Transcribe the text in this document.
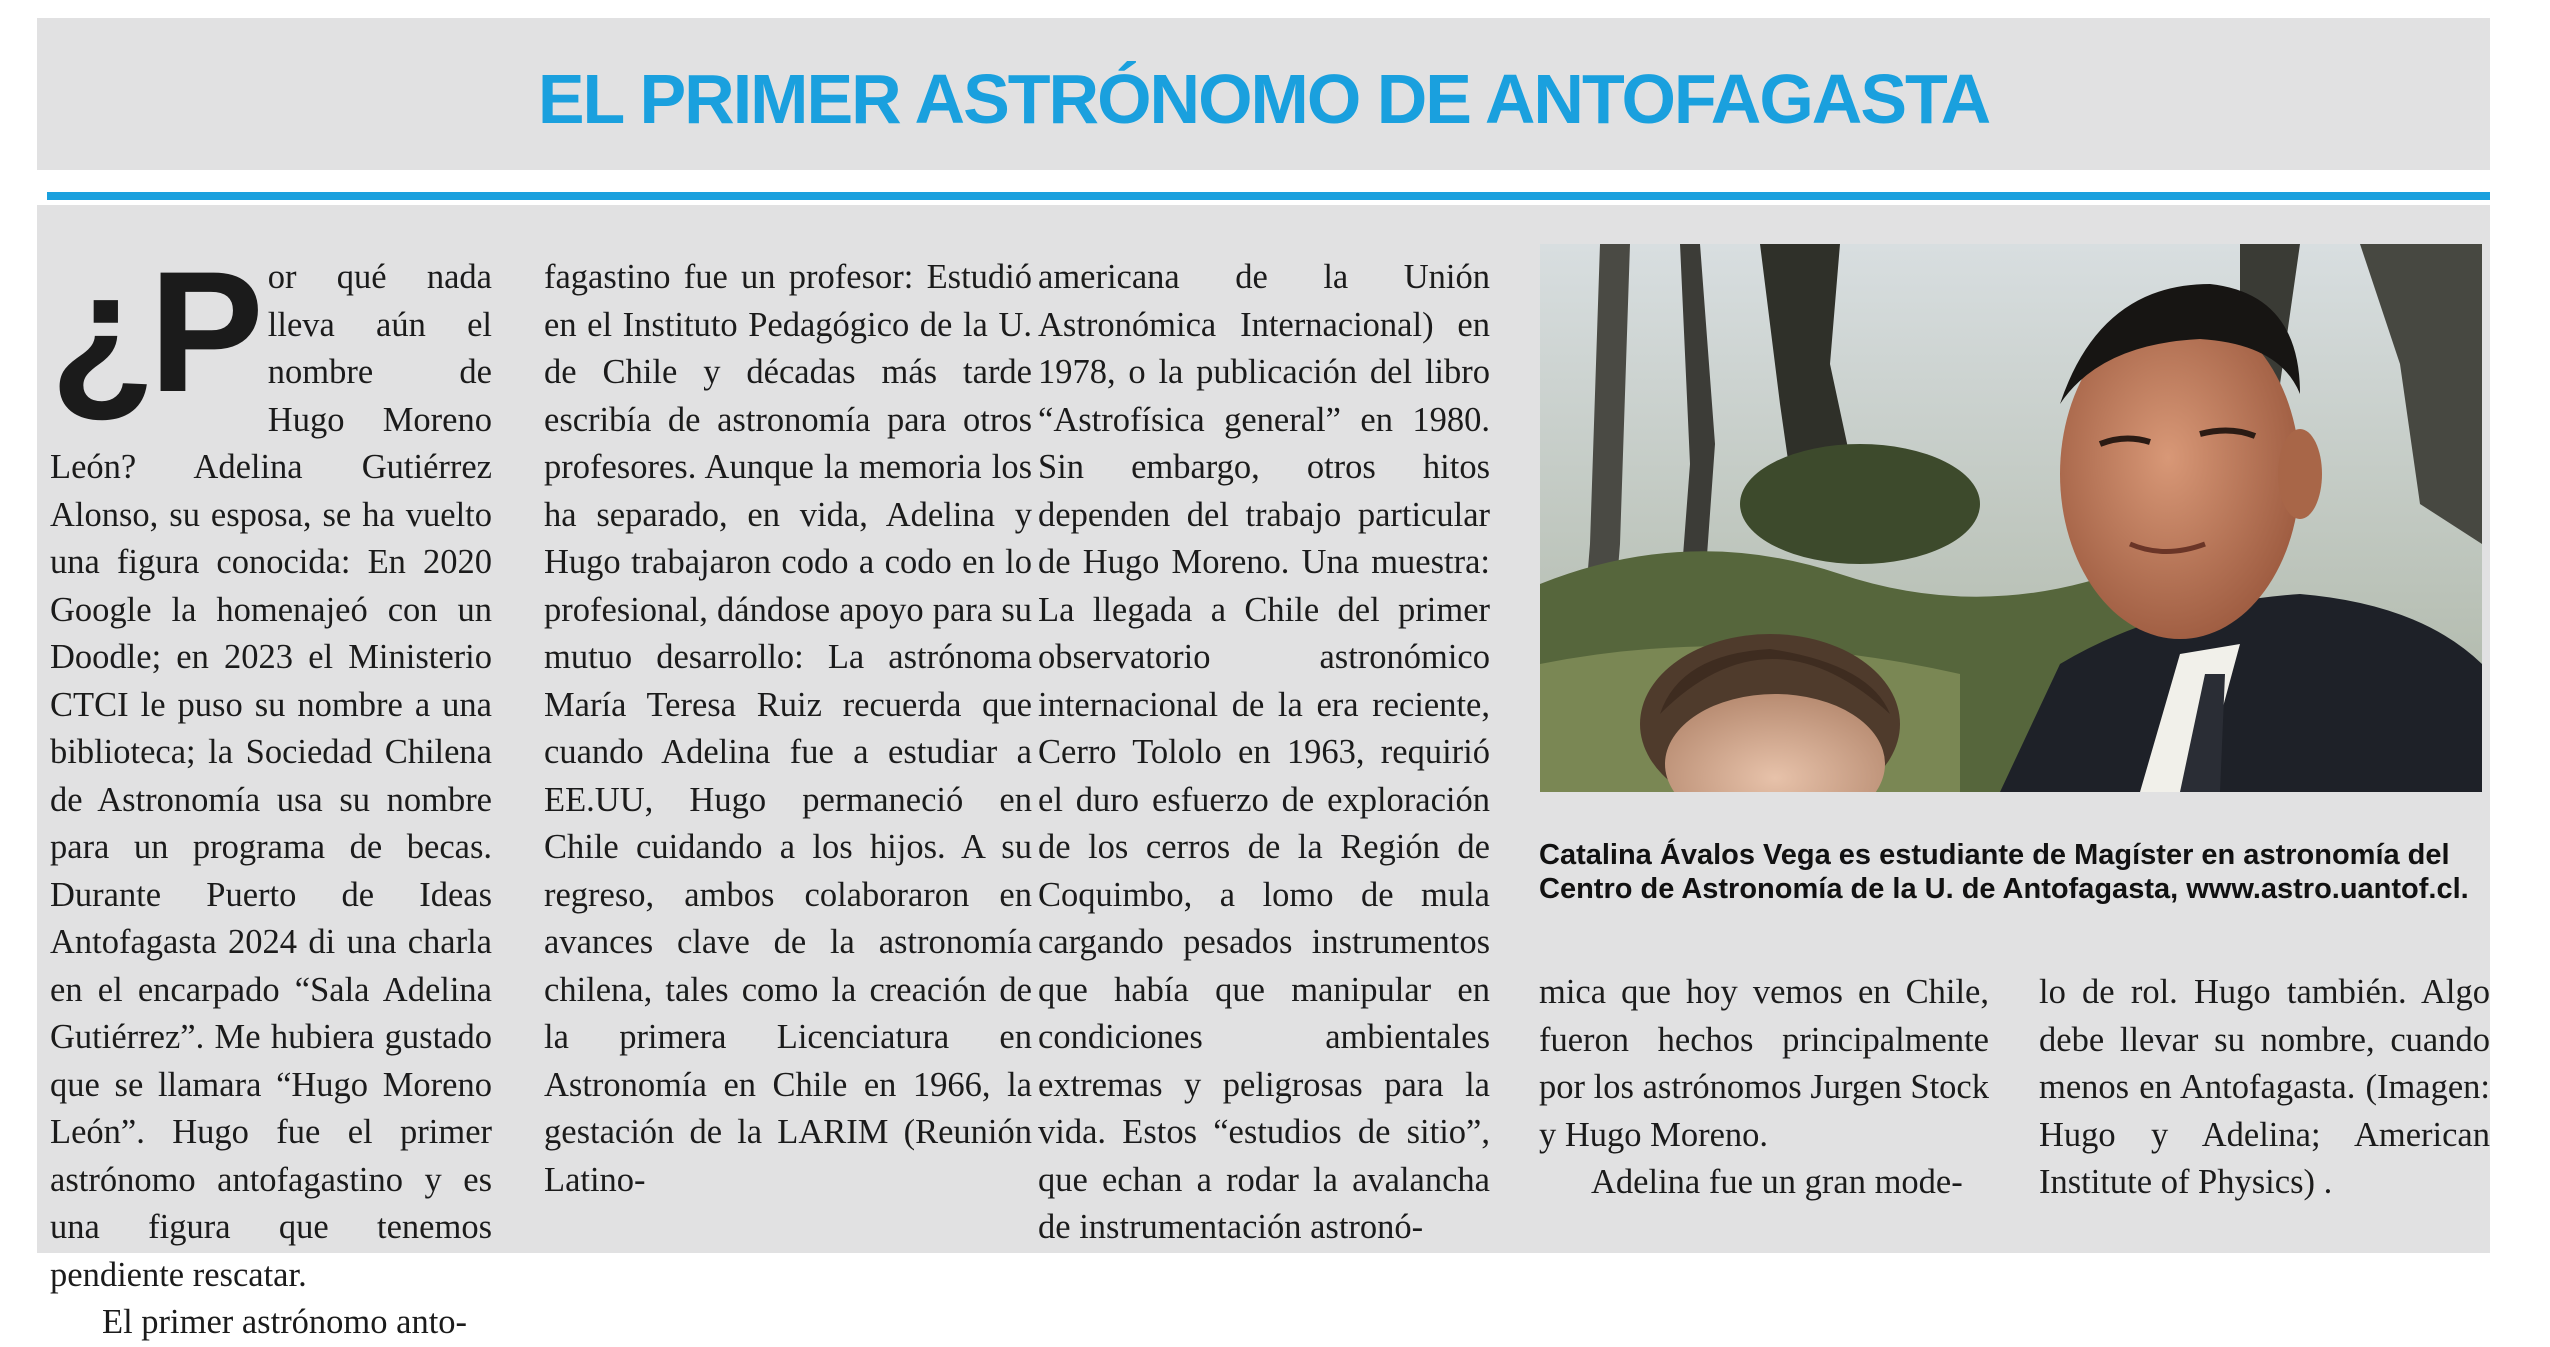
EL PRIMER ASTRÓNOMO DE ANTOFAGASTA

¿P or qué nada lleva aún el nombre de Hugo Moreno León? Adelina Gutiérrez Alonso, su esposa, se ha vuelto una figura conocida: En 2020 Google la homenajeó con un Doodle; en 2023 el Ministerio CTCI le puso su nombre a una biblioteca; la Sociedad Chilena de Astronomía usa su nombre para un programa de becas. Durante Puerto de Ideas Antofagasta 2024 di una charla en el encarpado “Sala Adelina Gutiérrez”. Me hubiera gustado que se llamara “Hugo Moreno León”. Hugo fue el primer astrónomo antofagastino y es una figura que tenemos pendiente rescatar.

El primer astrónomo anto-

fagastino fue un profesor: Estudió en el Instituto Pedagógico de la U. de Chile y décadas más tarde escribía de astronomía para otros profesores. Aunque la memoria los ha separado, en vida, Adelina y Hugo trabajaron codo a codo en lo profesional, dándose apoyo para su mutuo desarrollo: La astrónoma María Teresa Ruiz recuerda que cuando Adelina fue a estudiar a EE.UU, Hugo permaneció en Chile cuidando a los hijos. A su regreso, ambos colaboraron en avances clave de la astronomía chilena, tales como la creación de la primera Licenciatura en Astronomía en Chile en 1966, la gestación de la LARIM (Reunión Latino-

americana de la Unión Astronómica Internacional) en 1978, o la publicación del libro “Astrofísica general” en 1980. Sin embargo, otros hitos dependen del trabajo particular de Hugo Moreno. Una muestra: La llegada a Chile del primer observatorio astronómico internacional de la era reciente, Cerro Tololo en 1963, requirió el duro esfuerzo de exploración de los cerros de la Región de Coquimbo, a lomo de mula cargando pesados instrumentos que había que manipular en condiciones ambientales extremas y peligrosas para la vida. Estos “estudios de sitio”, que echan a rodar la avalancha de instrumentación astronó-

Catalina Ávalos Vega es estudiante de Magíster en astronomía del Centro de Astronomía de la U. de Antofagasta, www.astro.uantof.cl.

mica que hoy vemos en Chile, fueron hechos principalmente por los astrónomos Jurgen Stock y Hugo Moreno.

Adelina fue un gran mode-

lo de rol. Hugo también. Algo debe llevar su nombre, cuando menos en Antofagasta. (Imagen: Hugo y Adelina; American Institute of Physics) .
